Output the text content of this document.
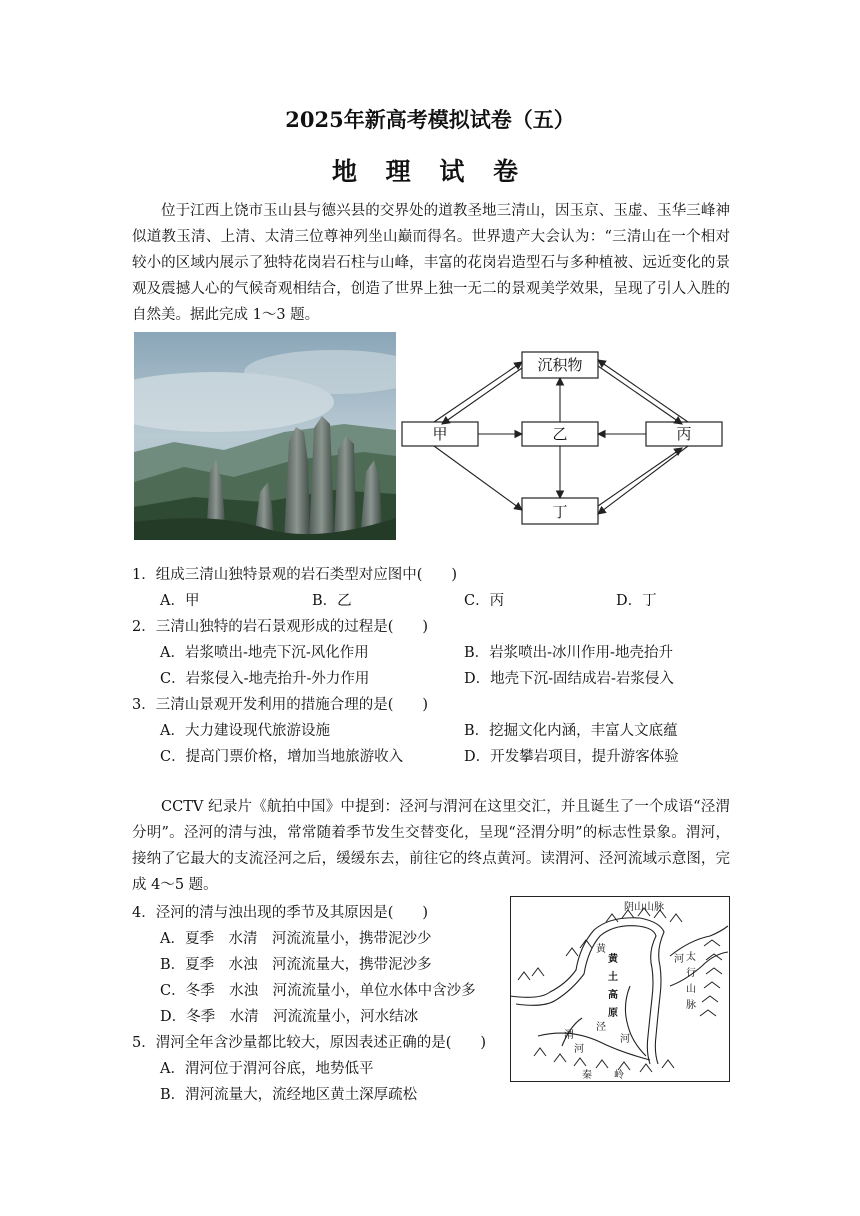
2025年新高考模拟试卷（五）
地 理 试 卷
位于江西上饶市玉山县与德兴县的交界处的道教圣地三清山，因玉京、玉虚、玉华三峰神似道教玉清、上清、太清三位尊神列坐山巅而得名。世界遗产大会认为：“三清山在一个相对较小的区域内展示了独特花岗岩石柱与山峰，丰富的花岗岩造型石与多种植被、远近变化的景观及震撼人心的气候奇观相结合，创造了世界上独一无二的景观美学效果，呈现了引人入胜的自然美。据此完成 1～3 题。
沉积物
甲	乙	丙
丁
1．组成三清山独特景观的岩石类型对应图中(　　)
A．甲	B．乙	C．丙	D．丁
2．三清山独特的岩石景观形成的过程是(　　)
A．岩浆喷出-地壳下沉-风化作用	B．岩浆喷出-冰川作用-地壳抬升
C．岩浆侵入-地壳抬升-外力作用	D．地壳下沉-固结成岩-岩浆侵入
3．三清山景观开发利用的措施合理的是(　　)
A．大力建设现代旅游设施	B．挖掘文化内涵，丰富人文底蕴
C．提高门票价格，增加当地旅游收入	D．开发攀岩项目，提升游客体验
CCTV 纪录片《航拍中国》中提到：泾河与渭河在这里交汇，并且诞生了一个成语“泾渭分明”。泾河的清与浊，常常随着季节发生交替变化，呈现“泾渭分明”的标志性景象。渭河，接纳了它最大的支流泾河之后，缓缓东去，前往它的终点黄河。读渭河、泾河流域示意图，完成 4～5 题。
4．泾河的清与浊出现的季节及其原因是(　　)
A．夏季　水清　河流流量小，携带泥沙少
B．夏季　水浊　河流流量大，携带泥沙多
C．冬季　水浊　河流流量小，单位水体中含沙多
D．冬季　水清　河流流量小，河水结冰
5．渭河全年含沙量都比较大，原因表述正确的是(　　)
A．渭河位于渭河谷底，地势低平
B．渭河流量大，流经地区黄土深厚疏松
阴山山脉
黄
河
黄
土
高
原
太
行
山
脉
泾
河
渭
河
秦 岭
